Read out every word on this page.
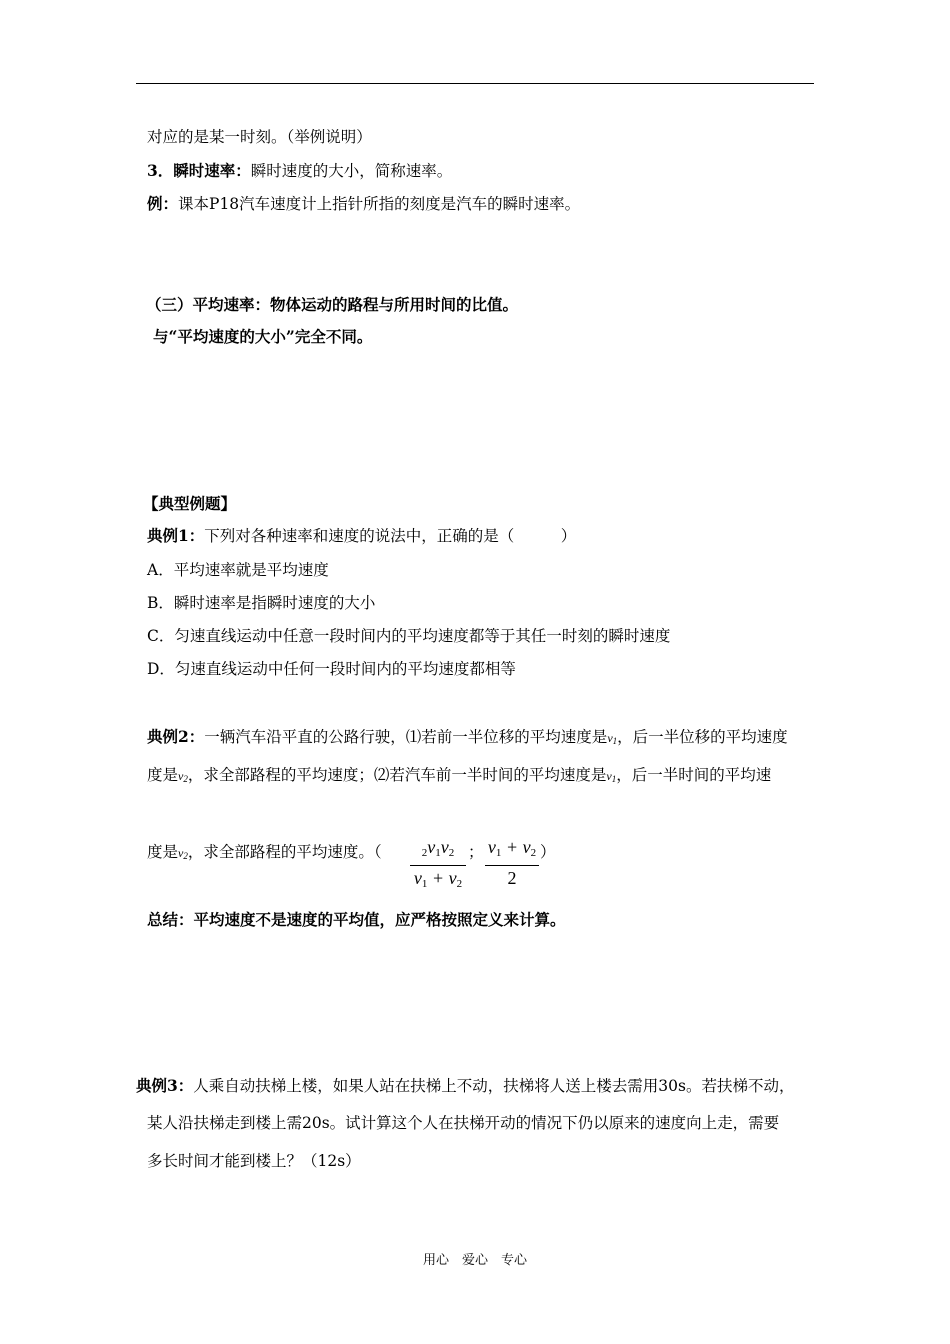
对应的是某一时刻。（举例说明）
3．瞬时速率：瞬时速度的大小，简称速率。
例：课本P18汽车速度计上指针所指的刻度是汽车的瞬时速率。
（三）平均速率：物体运动的路程与所用时间的比值。
与“平均速度的大小”完全不同。
【典型例题】
典例1：下列对各种速率和速度的说法中，正确的是（　　　）
A．平均速率就是平均速度
B．瞬时速率是指瞬时速度的大小
C．匀速直线运动中任意一段时间内的平均速度都等于其任一时刻的瞬时速度
D．匀速直线运动中任何一段时间内的平均速度都相等
典例2：一辆汽车沿平直的公路行驶，⑴若前一半位移的平均速度是$v_1$，后一半位移的平均速度
度是$v_2$，求全部路程的平均速度；⑵若汽车前一半时间的平均速度是$v_1$，后一半时间的平均速
度是$v_2$，求全部路程的平均速度。（	$_2v_1v_2$
$v_1 + v_2$
； $v_1 + v_2$
2
）
总结：平均速度不是速度的平均值，应严格按照定义来计算。
典例3：人乘自动扶梯上楼，如果人站在扶梯上不动，扶梯将人送上楼去需用30s。若扶梯不动，
某人沿扶梯走到楼上需20s。试计算这个人在扶梯开动的情况下仍以原来的速度向上走，需要
多长时间才能到楼上？（12s）
用心　爱心　专心
